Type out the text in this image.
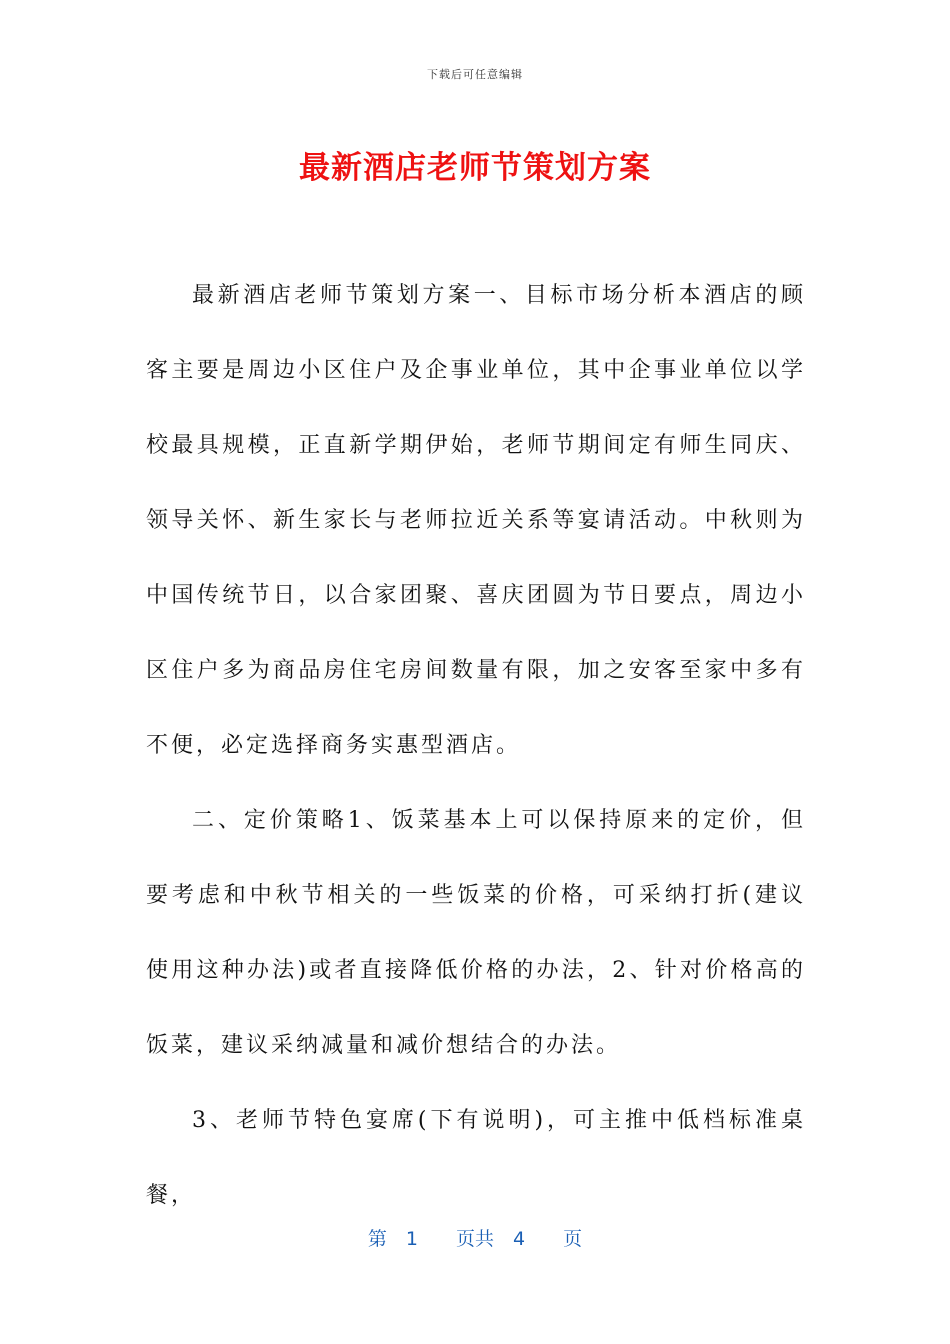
下载后可任意编辑
最新酒店老师节策划方案

最新酒店老师节策划方案一、目标市场分析本酒店的顾客主要是周边小区住户及企事业单位，其中企事业单位以学校最具规模，正直新学期伊始，老师节期间定有师生同庆、领导关怀、新生家长与老师拉近关系等宴请活动。中秋则为中国传统节日，以合家团聚、喜庆团圆为节日要点，周边小区住户多为商品房住宅房间数量有限，加之安客至家中多有不便，必定选择商务实惠型酒店。

二、定价策略1、饭菜基本上可以保持原来的定价，但要考虑和中秋节相关的一些饭菜的价格，可采纳打折(建议使用这种办法)或者直接降低价格的办法，2、针对价格高的饭菜，建议采纳减量和减价想结合的办法。

3、老师节特色宴席(下有说明)，可主推中低档标准桌餐，

第　1　　页共　4　　页
